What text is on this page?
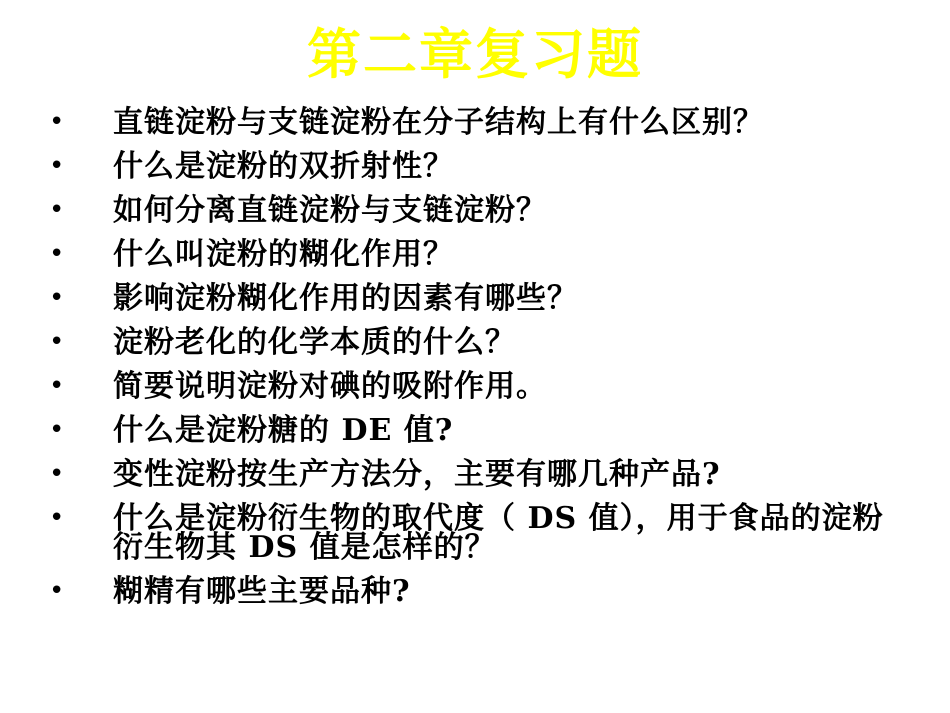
第二章复习题
• 直链淀粉与支链淀粉在分子结构上有什么区别？
• 什么是淀粉的双折射性？
• 如何分离直链淀粉与支链淀粉？
• 什么叫淀粉的糊化作用？
• 影响淀粉糊化作用的因素有哪些？
• 淀粉老化的化学本质的什么？
• 简要说明淀粉对碘的吸附作用。
• 什么是淀粉糖的 DE 值?
• 变性淀粉按生产方法分，主要有哪几种产品?
• 什么是淀粉衍生物的取代度（ DS 值），用于食品的淀粉衍生物其 DS 值是怎样的？
• 糊精有哪些主要品种?
